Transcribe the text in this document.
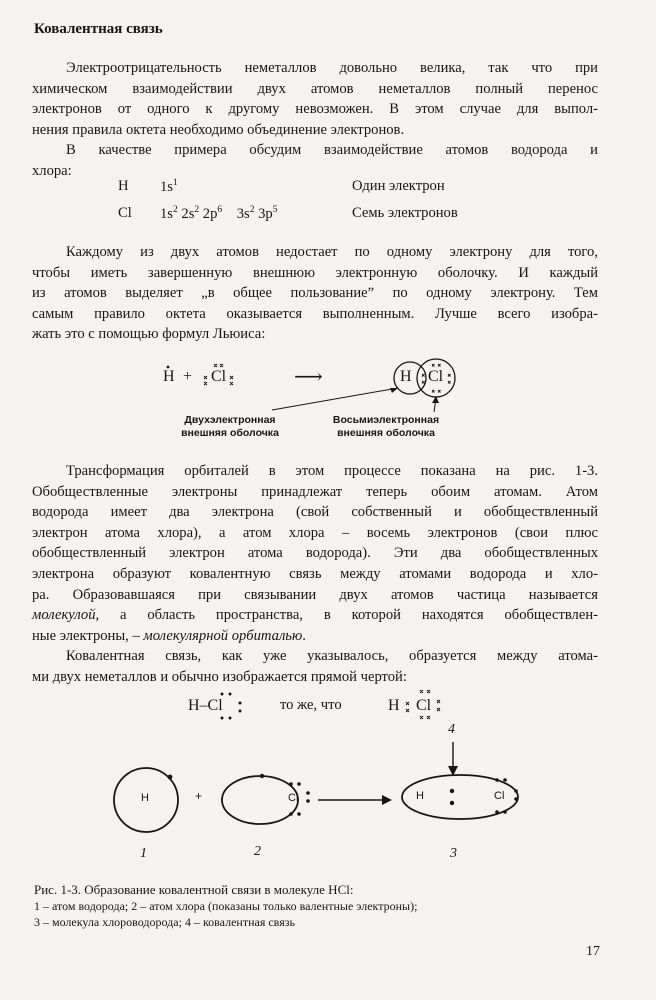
Ковалентная связь
Электроотрицательность неметаллов довольно велика, так что при
химическом взаимодействии двух атомов неметаллов полный перенос
электронов от одного к другому невозможен. В этом случае для выпол-
нения правила октета необходимо объединение электронов.
В качестве примера обсудим взаимодействие атомов водорода и
хлора:
H $1s^1$	Один электрон
Cl $1s^2$ $2s^2$ $2p^6$ $3s^2$ $3p^5$	Семь электронов
Каждому из двух атомов недостает по одному электрону для того,
чтобы иметь завершенную внешнюю электронную оболочку. И каждый
из атомов выделяет „в общее пользование” по одному электрону. Тем
самым правило октета оказывается выполненным. Лучше всего изобра-
жать это с помощью формул Льюиса:
H + Cl	⟶	H Cl
Двухэлектронная
внешняя оболочка
Восьмиэлектронная
внешняя оболочка
Трансформация орбиталей в этом процессе показана на рис. 1-3.
Обобществленные электроны принадлежат теперь обоим атомам. Атом
водорода имеет два электрона (свой собственный и обобществленный
электрон атома хлора), а атом хлора – восемь электронов (свои плюс
обобществленный электрон атома водорода). Эти два обобществленных
электрона образуют ковалентную связь между атомами водорода и хло-
ра. Образовавшаяся при связывании двух атомов частица называется
молекулой, а область пространства, в которой находятся обобществлен-
ные электроны, – молекулярной орбиталью.
Ковалентная связь, как уже указывалось, образуется между атома-
ми двух неметаллов и обычно изображается прямой чертой:
H–Cl	то же, что	H Cl
H	+	Cl	H	Cl
1	2	3
4
Рис. 1-3. Образование ковалентной связи в молекуле HCl:
1 – атом водорода; 2 – атом хлора (показаны только валентные электроны);
3 – молекула хлороводорода; 4 – ковалентная связь
17
